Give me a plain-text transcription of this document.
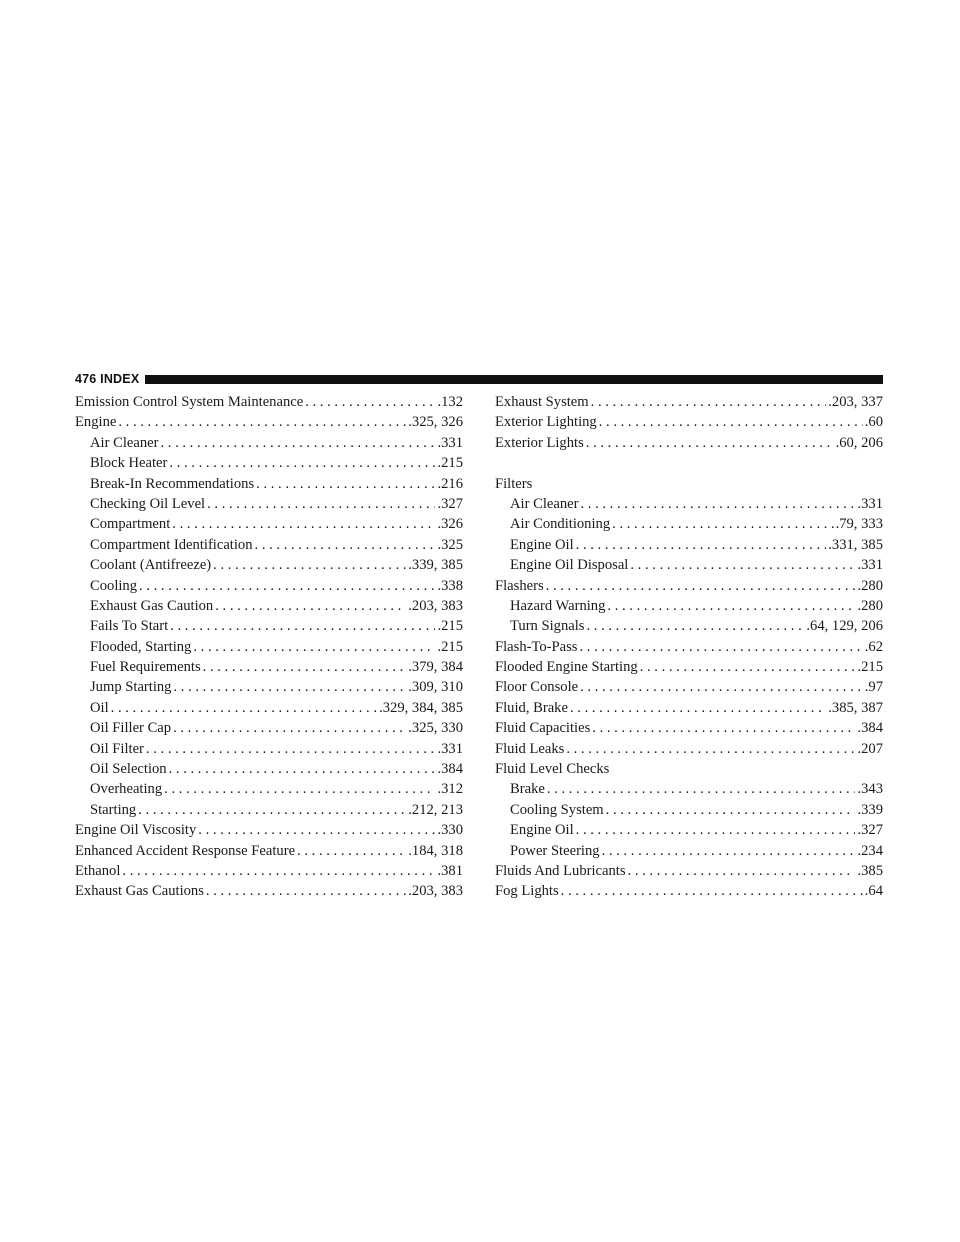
476 INDEX
Emission Control System Maintenance . . .	.132
Engine . . .	.325, 326
Air Cleaner . . .	.331
Block Heater . . .	.215
Break-In Recommendations . . .	.216
Checking Oil Level . . .	.327
Compartment . . .	.326
Compartment Identification . . .	.325
Coolant (Antifreeze) . . .	.339, 385
Cooling . . .	.338
Exhaust Gas Caution . . .	.203, 383
Fails To Start . . .	.215
Flooded, Starting . . .	.215
Fuel Requirements . . .	.379, 384
Jump Starting . . .	.309, 310
Oil . . .	.329, 384, 385
Oil Filler Cap . . .	.325, 330
Oil Filter . . .	.331
Oil Selection . . .	.384
Overheating . . .	.312
Starting . . .	.212, 213
Engine Oil Viscosity . . .	.330
Enhanced Accident Response Feature . . .	.184, 318
Ethanol . . .	.381
Exhaust Gas Cautions . . .	.203, 383
Exhaust System . . .	.203, 337
Exterior Lighting . . .	.60
Exterior Lights . . .	.60, 206
Filters
Air Cleaner . . .	.331
Air Conditioning . . .	.79, 333
Engine Oil . . .	.331, 385
Engine Oil Disposal . . .	.331
Flashers . . .	.280
Hazard Warning . . .	.280
Turn Signals . . .	.64, 129, 206
Flash-To-Pass . . .	.62
Flooded Engine Starting . . .	.215
Floor Console . . .	.97
Fluid, Brake . . .	.385, 387
Fluid Capacities . . .	.384
Fluid Leaks . . .	.207
Fluid Level Checks
Brake . . .	.343
Cooling System . . .	.339
Engine Oil . . .	.327
Power Steering . . .	.234
Fluids And Lubricants . . .	.385
Fog Lights . . .	.64
